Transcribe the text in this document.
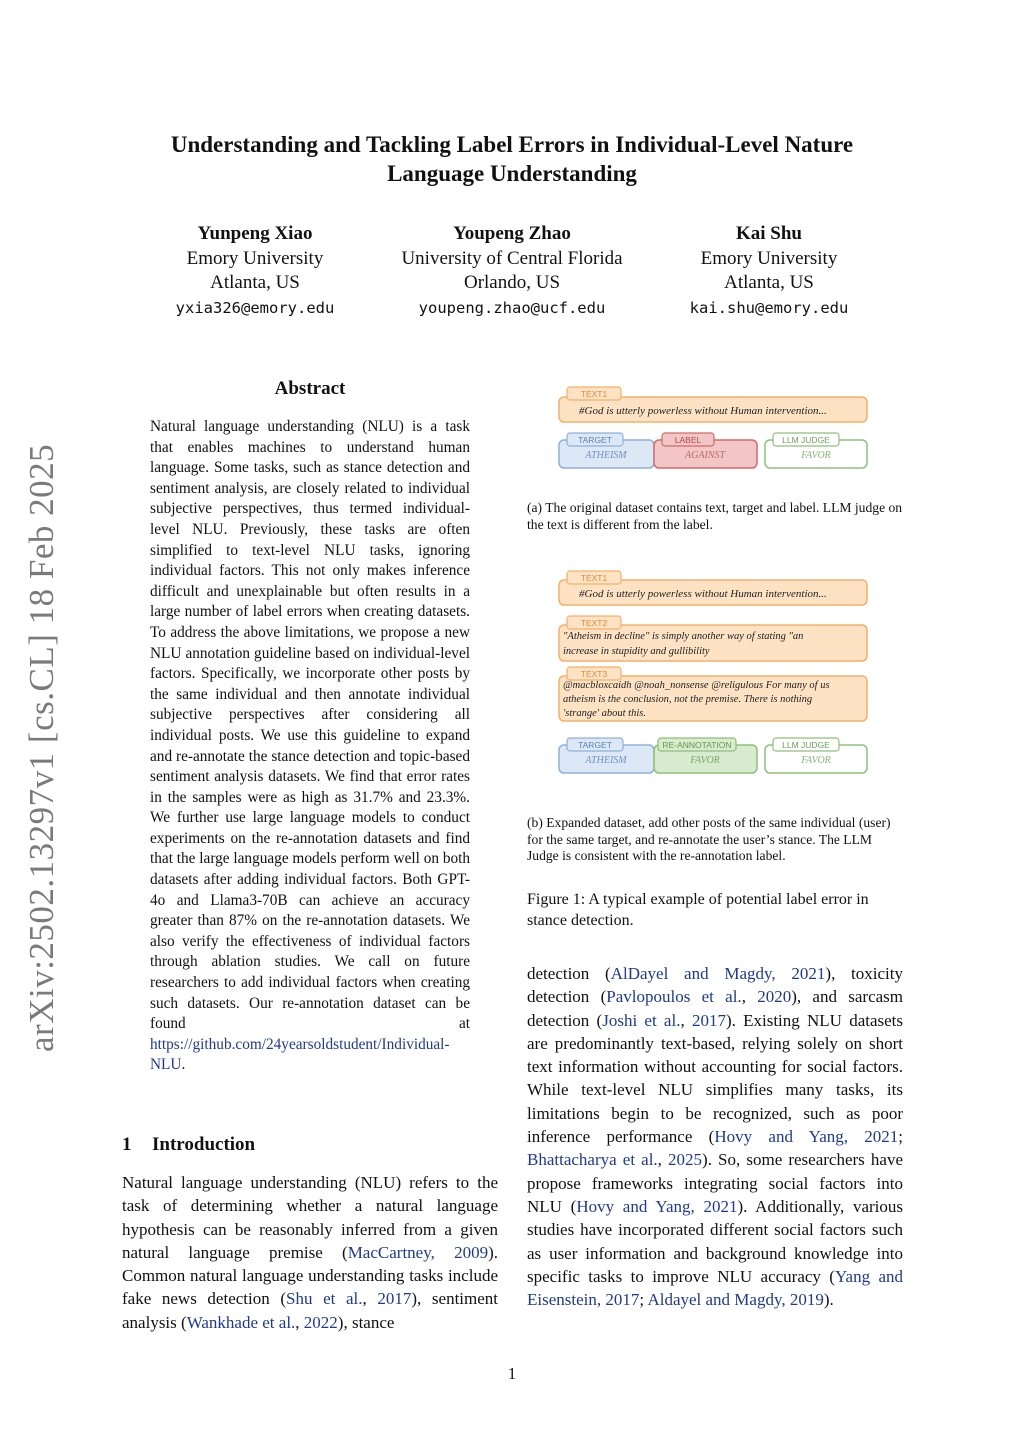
Understanding and Tackling Label Errors in Individual-Level Nature
Language Understanding
Yunpeng Xiao
Emory University
Atlanta, US
yxia326@emory.edu
Youpeng Zhao
University of Central Florida
Orlando, US
youpeng.zhao@ucf.edu
Kai Shu
Emory University
Atlanta, US
kai.shu@emory.edu
arXiv:2502.13297v1 [cs.CL] 18 Feb 2025
Abstract
Natural language understanding (NLU) is a task that enables machines to understand human language. Some tasks, such as stance detection and sentiment analysis, are closely related to individual subjective perspectives, thus termed individual-level NLU. Previously, these tasks are often simplified to text-level NLU tasks, ignoring individual factors. This not only makes inference difficult and unexplainable but often results in a large number of label errors when creating datasets. To address the above limitations, we propose a new NLU annotation guideline based on individual-level factors. Specifically, we incorporate other posts by the same individual and then annotate individual subjective perspectives after considering all individual posts. We use this guideline to expand and re-annotate the stance detection and topic-based sentiment analysis datasets. We find that error rates in the samples were as high as 31.7% and 23.3%. We further use large language models to conduct experiments on the re-annotation datasets and find that the large language models perform well on both datasets after adding individual factors. Both GPT-4o and Llama3-70B can achieve an accuracy greater than 87% on the re-annotation datasets. We also verify the effectiveness of individual factors through ablation studies. We call on future researchers to add individual factors when creating such datasets. Our re-annotation dataset can be found at https://github.com/24yearsoldstudent/Individual-NLU.
1 Introduction
Natural language understanding (NLU) refers to the task of determining whether a natural language hypothesis can be reasonably inferred from a given natural language premise (MacCartney, 2009). Common natural language understanding tasks include fake news detection (Shu et al., 2017), sentiment analysis (Wankhade et al., 2022), stance
TEXT1
#God is utterly powerless without Human intervention...
TARGET
ATHEISM
LABEL
AGAINST
LLM JUDGE
FAVOR
(a) The original dataset contains text, target and label. LLM judge on the text is different from the label.
TEXT1
#God is utterly powerless without Human intervention...
TEXT2
"Atheism in decline" is simply another way of stating "an
increase in stupidity and gullibility
TEXT3
@macbloxcaidh @noah_nonsense @religulous For many of us
atheism is the conclusion, not the premise. There is nothing
'strange' about this.
TARGET
ATHEISM
RE-ANNOTATION
FAVOR
LLM JUDGE
FAVOR
(b) Expanded dataset, add other posts of the same individual (user) for the same target, and re-annotate the user’s stance. The LLM Judge is consistent with the re-annotation label.
Figure 1: A typical example of potential label error in stance detection.
detection (AlDayel and Magdy, 2021), toxicity detection (Pavlopoulos et al., 2020), and sarcasm detection (Joshi et al., 2017). Existing NLU datasets are predominantly text-based, relying solely on short text information without accounting for social factors. While text-level NLU simplifies many tasks, its limitations begin to be recognized, such as poor inference performance (Hovy and Yang, 2021; Bhattacharya et al., 2025). So, some researchers have propose frameworks integrating social factors into NLU (Hovy and Yang, 2021). Additionally, various studies have incorporated different social factors such as user information and background knowledge into specific tasks to improve NLU accuracy (Yang and Eisenstein, 2017; Aldayel and Magdy, 2019).
1
